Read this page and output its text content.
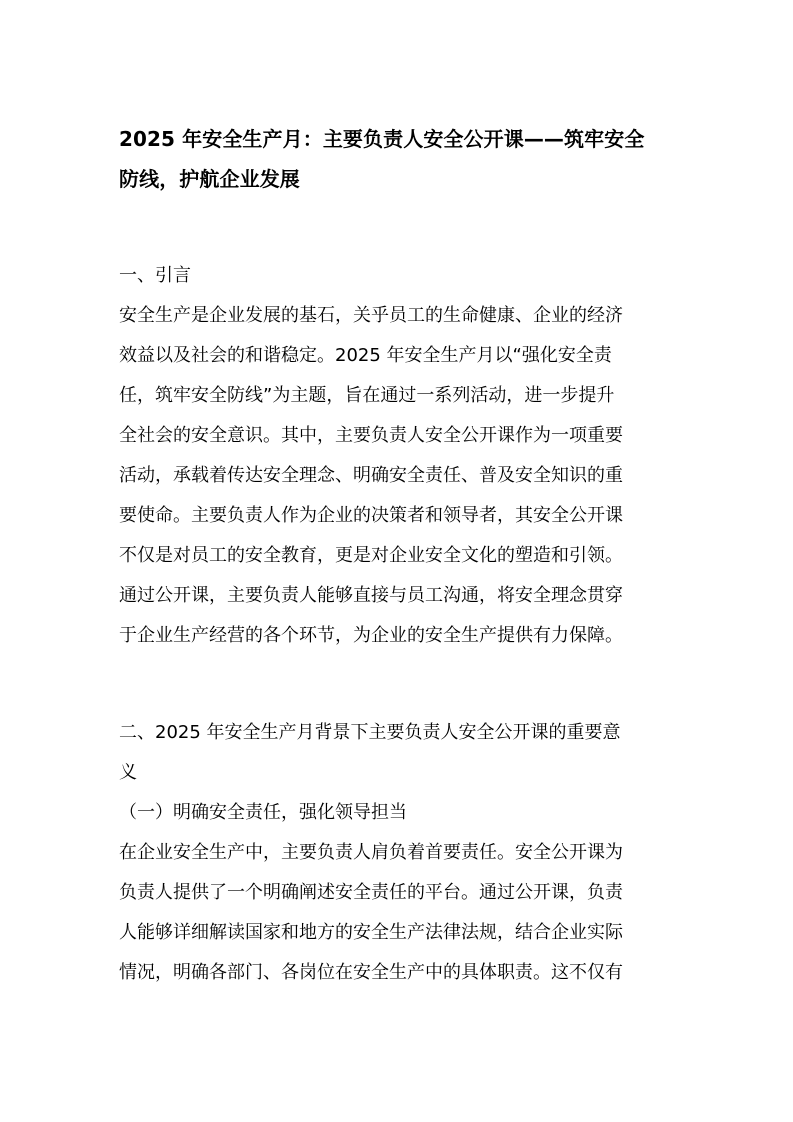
2025 年安全生产月：主要负责人安全公开课——筑牢安全
防线，护航企业发展
一、引言
安全生产是企业发展的基石，关乎员工的生命健康、企业的经济
效益以及社会的和谐稳定。2025 年安全生产月以“强化安全责
任，筑牢安全防线”为主题，旨在通过一系列活动，进一步提升
全社会的安全意识。其中，主要负责人安全公开课作为一项重要
活动，承载着传达安全理念、明确安全责任、普及安全知识的重
要使命。主要负责人作为企业的决策者和领导者，其安全公开课
不仅是对员工的安全教育，更是对企业安全文化的塑造和引领。
通过公开课，主要负责人能够直接与员工沟通，将安全理念贯穿
于企业生产经营的各个环节，为企业的安全生产提供有力保障。
二、2025 年安全生产月背景下主要负责人安全公开课的重要意
义
（一）明确安全责任，强化领导担当
在企业安全生产中，主要负责人肩负着首要责任。安全公开课为
负责人提供了一个明确阐述安全责任的平台。通过公开课，负责
人能够详细解读国家和地方的安全生产法律法规，结合企业实际
情况，明确各部门、各岗位在安全生产中的具体职责。这不仅有
